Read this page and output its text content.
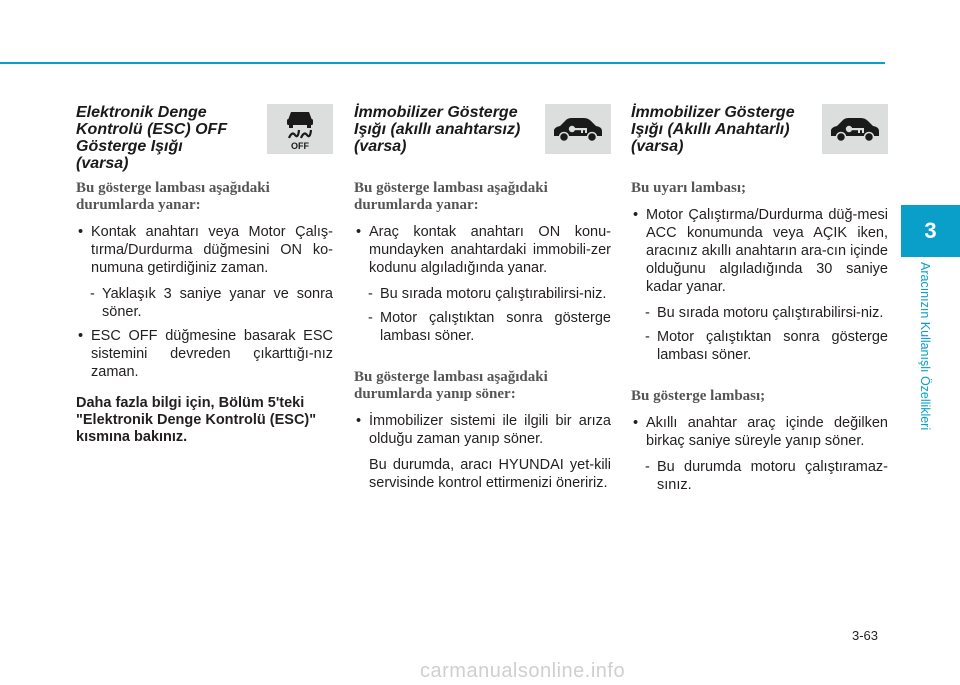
Elektronik Denge
Kontrolü (ESC) OFF
Gösterge Işığı
(varsa)

OFF

Bu gösterge lambası aşağıdaki durumlarda yanar:

• Kontak anahtarı veya Motor Çalış-tırma/Durdurma düğmesini ON ko-numuna getirdiğiniz zaman.

- Yaklaşık 3 saniye yanar ve sonra söner.

• ESC OFF düğmesine basarak ESC sistemini devreden çıkarttığı-nız zaman.

Daha fazla bilgi için, Bölüm 5'teki "Elektronik Denge Kontrolü (ESC)" kısmına bakınız.

İmmobilizer Gösterge
Işığı (akıllı anahtarsız)
(varsa)

Bu gösterge lambası aşağıdaki durumlarda yanar:

• Araç kontak anahtarı ON konu-mundayken anahtardaki immobili-zer kodunu algıladığında yanar.

- Bu sırada motoru çalıştırabilirsi-niz.

- Motor çalıştıktan sonra gösterge lambası söner.

Bu gösterge lambası aşağıdaki durumlarda yanıp söner:

• İmmobilizer sistemi ile ilgili bir arıza olduğu zaman yanıp söner.

Bu durumda, aracı HYUNDAI yet-kili servisinde kontrol ettirmenizi öneririz.

İmmobilizer Gösterge
Işığı (Akıllı Anahtarlı)
(varsa)

Bu uyarı lambası;

• Motor Çalıştırma/Durdurma düğ-mesi ACC konumunda veya AÇIK iken, aracınız akıllı anahtarın ara-cın içinde olduğunu algıladığında 30 saniye kadar yanar.

- Bu sırada motoru çalıştırabilirsi-niz.

- Motor çalıştıktan sonra gösterge lambası söner.

Bu gösterge lambası;

• Akıllı anahtar araç içinde değilken birkaç saniye süreyle yanıp söner.

- Bu durumda motoru çalıştıramaz-sınız.

3
Aracınızın Kullanışlı Özellikleri
3-63
carmanualsonline.info
